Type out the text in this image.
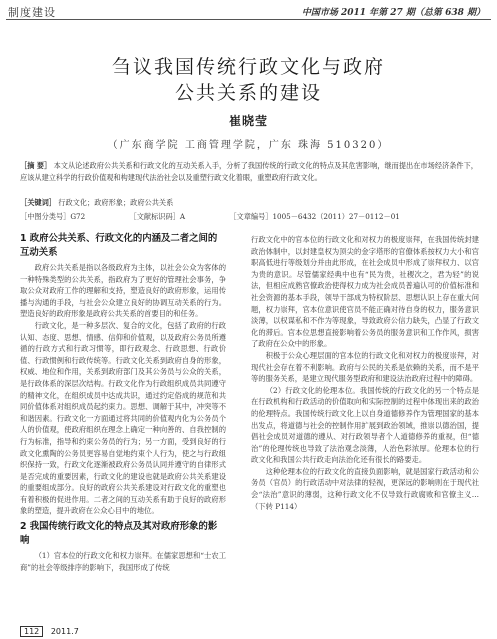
制度建设	中国市场 2011 年第 27 期（总第 638 期）
刍议我国传统行政文化与政府
公共关系的建设
崔晓莹
（广东商学院 工商管理学院，广东 珠海 510320）
［摘 要］ 本文从论述政府公共关系和行政文化的互动关系入手，分析了我国传统的行政文化的特点及其危害影响，继而提出在市场经济条件下，应该从建立科学的行政价值观和构建现代法治社会以及重塑行政文化着眼，重塑政府行政文化。
［关键词］ 行政文化；政府形象；政府公共关系
［中图分类号］G72	［文献标识码］A	［文章编号］1005－6432（2011）27－0112－01
1 政府公共关系、行政文化的内涵及二者之间的互动关系

政府公共关系是指以各级政府为主体，以社会公众为客体的一种特殊类型的公共关系，指政府为了更好的管理社会事务，争取公众对政府工作的理解和支持，塑造良好的政府形象，运用传播与沟通的手段，与社会公众建立良好的协调互动关系的行为。塑造良好的政府形象是政府公共关系的首要目的和任务。

行政文化，是一种多层次、复合的文化，包括了政府的行政认知、态度、思想、情感、信仰和价值观，以及政府公务员所遵循的行政方式和行政习惯等，即行政观念、行政思想、行政价值、行政惯例和行政传统等。行政文化关系到政府自身的形象，权威、地位和作用，关系到政府部门及其公务员与公众的关系，是行政体系的深层次结构。行政文化作为行政组织成员共同遵守的精神文化，在组织成员中达成共识，通过约定俗成的规范和共同价值体系对组织成员起约束力。思想、调解于其中，冲突等不和谐因素。行政文化一方面通过将共同的价值观内化为公务员个人的价值观，使政府组织在理念上确定一种向善的、自我控制的行为标准，指导和约束公务员的行为；另一方面，受到良好的行政文化熏陶的公务员更容易自觉地约束个人行为，使之与行政组织保持一致，行政文化逐渐被政府公务员认同并遵守的自律形式是否完成的重要因素，行政文化的建设也就是政府公共关系建设的重要组成部分。良好的政府公共关系建设对行政文化的重塑也有着积极的促进作用。二者之间的互动关系有助于良好的政府形象的塑造，提升政府在公众心目中的地位。

2 我国传统行政文化的特点及其对政府形象的影响

（1）官本位的行政文化和权力崇拜。在儒家思想和“士农工商”的社会等级排序的影响下，我国形成了传统

行政文化中的官本位的行政文化和对权力的极度崇拜，在我国传统封建政治体制中，以封建皇权为顶尖的金字塔形的官僚体系按权力大小和官职高低进行等级划分并由此形成，在社会成员中形成了崇拜权力、以官为贵的意识。尽管儒家经典中也有“民为贵，社稷次之，君为轻”的说法，但相应成熟官僚政治使得权力成为社会成员普遍认可的价值标准和社会资源的基本手段，领导干部成为特权阶层、思想认识上存在重大问题，权力崇拜，官本位意识使官员不能正确对待自身的权力，服务意识淡薄，以权谋私和不作为等现象，导致政府公信力缺失，凸显了行政文化的滞后。官本位思想直接影响着公务员的服务意识和工作作风，损害了政府在公众中的形象。

积极于公众心理层面的官本位的行政文化和对权力的极度崇拜，对现代社会存在着不利影响。政府与公民的关系是依赖的关系，而不是平等的服务关系，是建立现代服务型政府和建设法治政府过程中的障碍。

（2）行政文化的伦理本位。我国传统的行政文化的另一个特点是在行政机构和行政活动的价值取向和实际控制的过程中体现出来的政治的伦理特点。我国传统行政文化上以自身道德修养作为管理国家的基本出发点，将道德与社会的控制作用扩展到政治领域，推崇以德治国，提倡社会成员对道德的遵从、对行政领导者个人道德修养的重视，但“德治”的伦理传统也导致了法治观念淡薄，人治色彩浓厚。伦理本位的行政文化和我国公共行政走向法治化还有很长的路要走。

这种伦理本位的行政文化的直接负面影响，就是国家行政活动和公务员（官员）的行政活动中对法律的轻视，更深远的影响则在于现代社会“法治”意识的薄弱，这种行政文化不仅导致行政腐败和官僚主义…（下转 P114）

112 2011.7
